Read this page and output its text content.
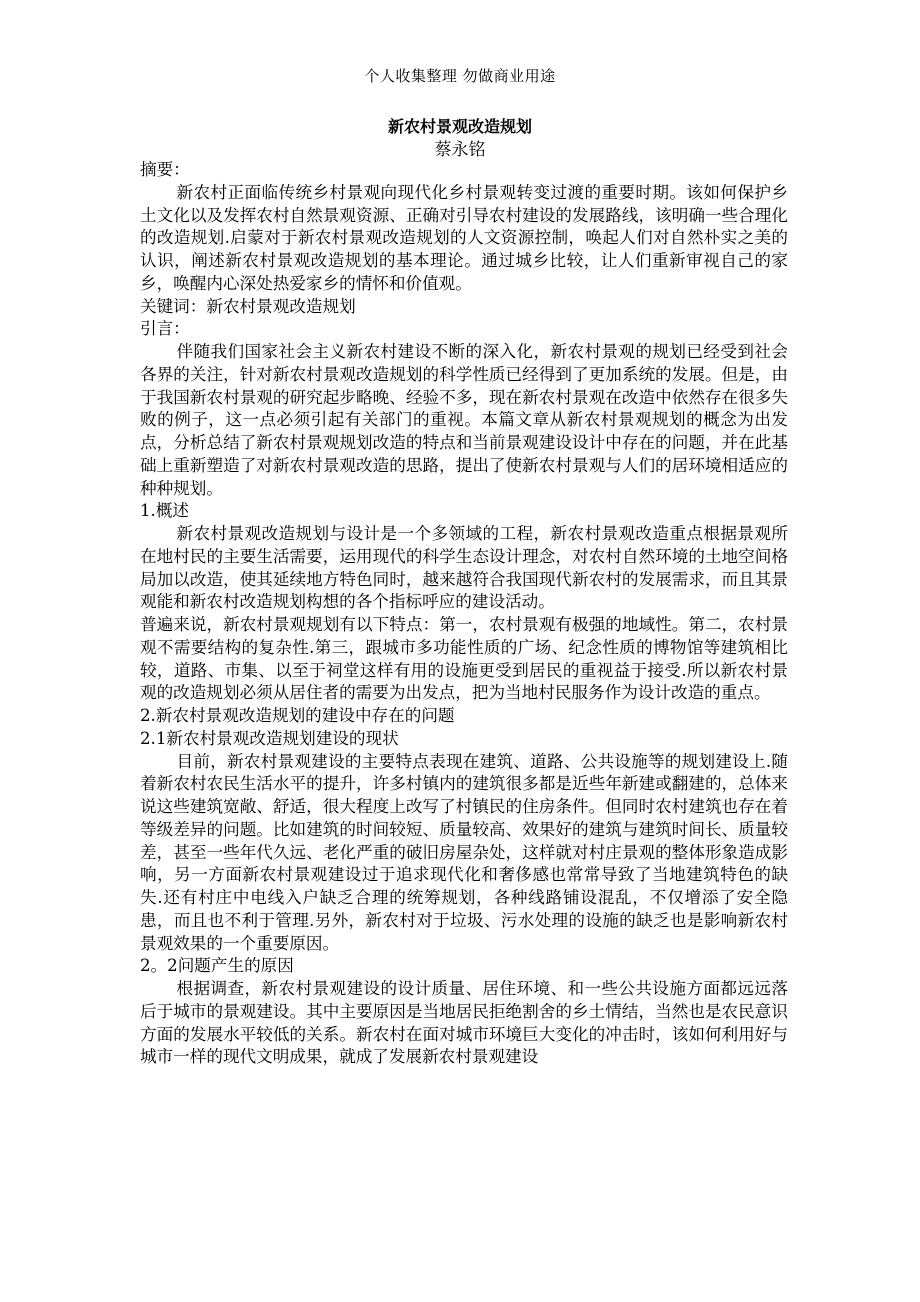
个人收集整理 勿做商业用途
新农村景观改造规划
蔡永铭

摘要：

新农村正面临传统乡村景观向现代化乡村景观转变过渡的重要时期。该如何保护乡土文化以及发挥农村自然景观资源、正确对引导农村建设的发展路线，该明确一些合理化的改造规划.启蒙对于新农村景观改造规划的人文资源控制，唤起人们对自然朴实之美的认识，阐述新农村景观改造规划的基本理论。通过城乡比较，让人们重新审视自己的家乡，唤醒内心深处热爱家乡的情怀和价值观。

关键词：新农村景观改造规划

引言：

伴随我们国家社会主义新农村建设不断的深入化，新农村景观的规划已经受到社会各界的关注，针对新农村景观改造规划的科学性质已经得到了更加系统的发展。但是，由于我国新农村景观的研究起步略晚、经验不多，现在新农村景观在改造中依然存在很多失败的例子，这一点必须引起有关部门的重视。本篇文章从新农村景观规划的概念为出发点，分析总结了新农村景观规划改造的特点和当前景观建设设计中存在的问题，并在此基础上重新塑造了对新农村景观改造的思路，提出了使新农村景观与人们的居环境相适应的种种规划。

1.概述

新农村景观改造规划与设计是一个多领域的工程，新农村景观改造重点根据景观所在地村民的主要生活需要，运用现代的科学生态设计理念，对农村自然环境的土地空间格局加以改造，使其延续地方特色同时，越来越符合我国现代新农村的发展需求，而且其景观能和新农村改造规划构想的各个指标呼应的建设活动。

普遍来说，新农村景观规划有以下特点：第一，农村景观有极强的地域性。第二，农村景观不需要结构的复杂性.第三，跟城市多功能性质的广场、纪念性质的博物馆等建筑相比较，道路、市集、以至于祠堂这样有用的设施更受到居民的重视益于接受.所以新农村景观的改造规划必须从居住者的需要为出发点，把为当地村民服务作为设计改造的重点。

2.新农村景观改造规划的建设中存在的问题

2.1新农村景观改造规划建设的现状

目前，新农村景观建设的主要特点表现在建筑、道路、公共设施等的规划建设上.随着新农村农民生活水平的提升，许多村镇内的建筑很多都是近些年新建或翻建的，总体来说这些建筑宽敞、舒适，很大程度上改写了村镇民的住房条件。但同时农村建筑也存在着等级差异的问题。比如建筑的时间较短、质量较高、效果好的建筑与建筑时间长、质量较差，甚至一些年代久远、老化严重的破旧房屋杂处，这样就对村庄景观的整体形象造成影响，另一方面新农村景观建设过于追求现代化和奢侈感也常常导致了当地建筑特色的缺失.还有村庄中电线入户缺乏合理的统筹规划，各种线路铺设混乱，不仅增添了安全隐患，而且也不利于管理.另外，新农村对于垃圾、污水处理的设施的缺乏也是影响新农村景观效果的一个重要原因。

2。2问题产生的原因

根据调查，新农村景观建设的设计质量、居住环境、和一些公共设施方面都远远落后于城市的景观建设。其中主要原因是当地居民拒绝割舍的乡土情结，当然也是农民意识方面的发展水平较低的关系。新农村在面对城市环境巨大变化的冲击时，该如何利用好与城市一样的现代文明成果，就成了发展新农村景观建设
